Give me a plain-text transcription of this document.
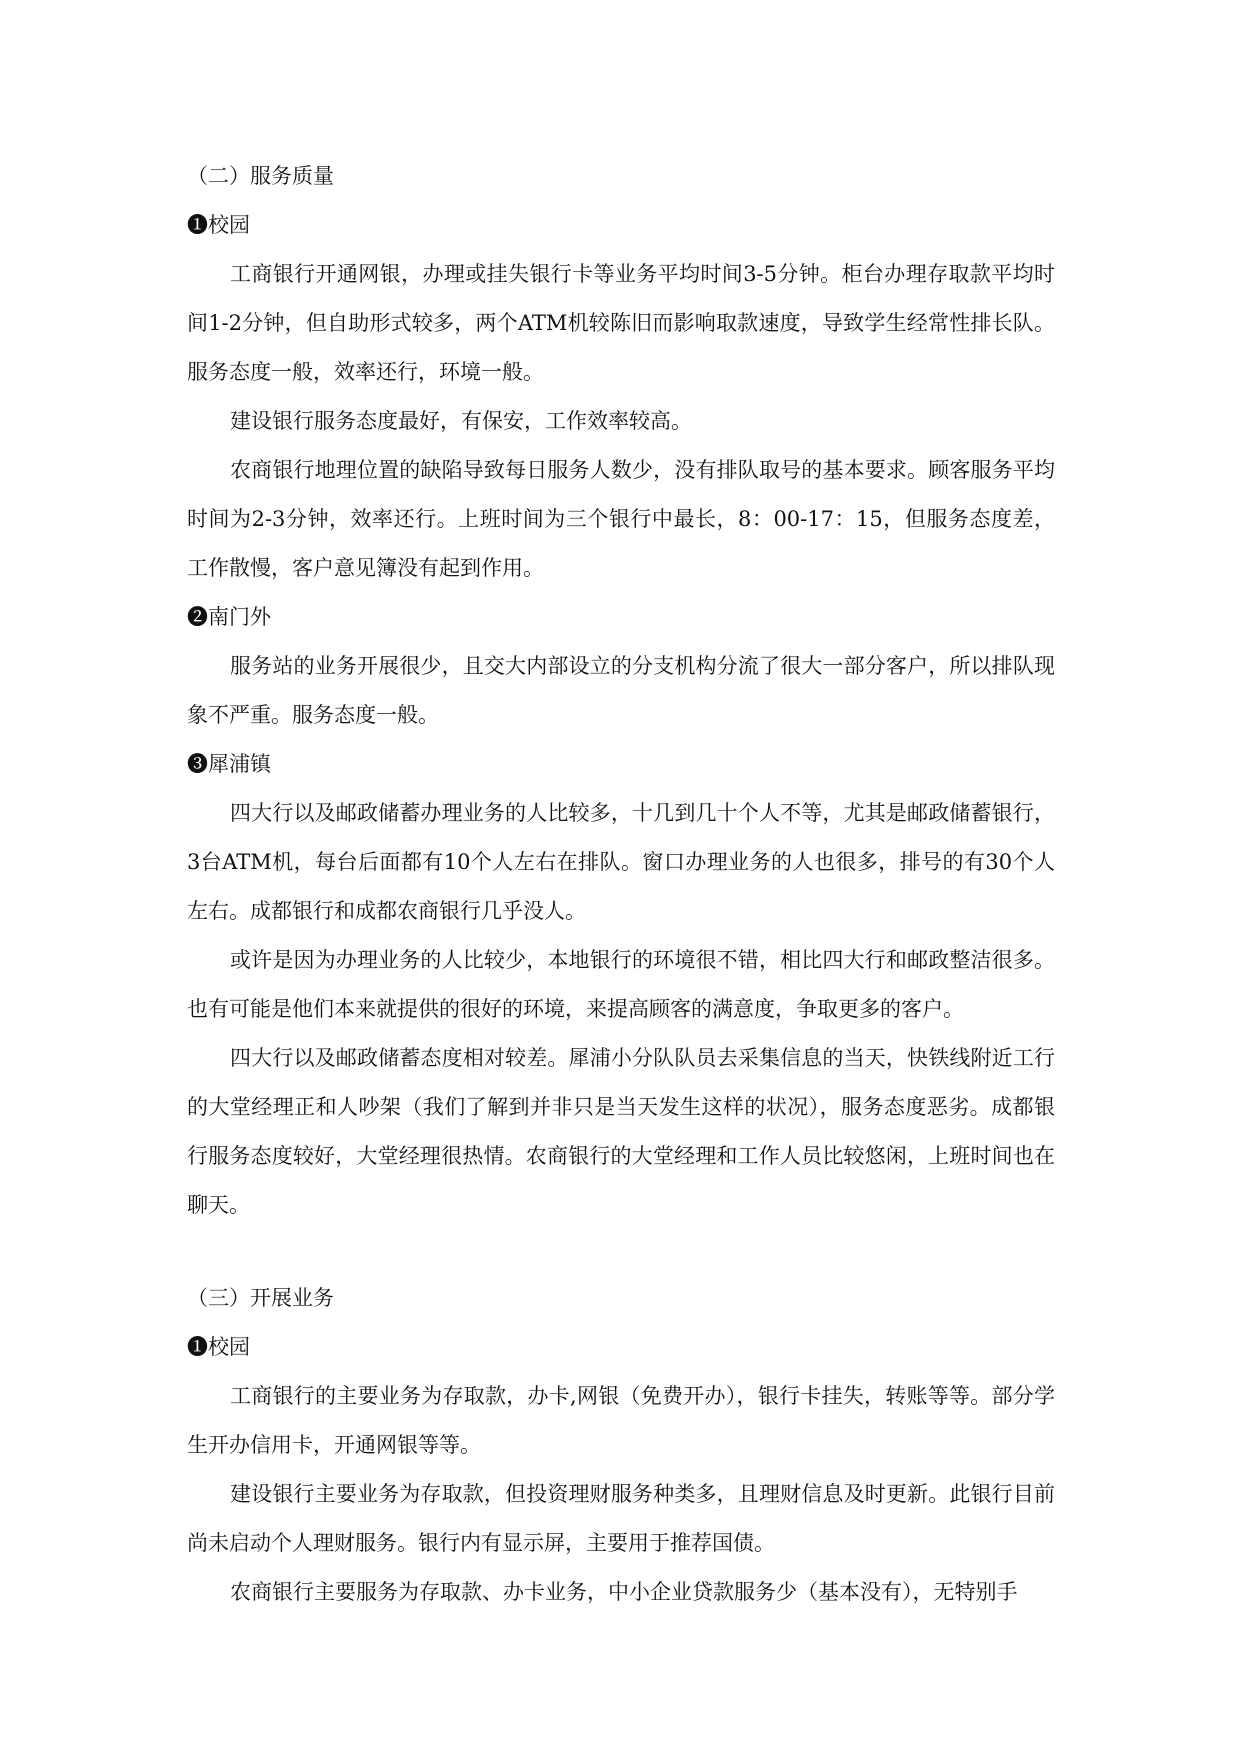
（二）服务质量

❶校园

工商银行开通网银，办理或挂失银行卡等业务平均时间3-5分钟。柜台办理存取款平均时间1-2分钟，但自助形式较多，两个ATM机较陈旧而影响取款速度，导致学生经常性排长队。服务态度一般，效率还行，环境一般。

建设银行服务态度最好，有保安，工作效率较高。

农商银行地理位置的缺陷导致每日服务人数少，没有排队取号的基本要求。顾客服务平均时间为2-3分钟，效率还行。上班时间为三个银行中最长，8：00-17：15，但服务态度差，工作散慢，客户意见簿没有起到作用。

❷南门外

服务站的业务开展很少，且交大内部设立的分支机构分流了很大一部分客户，所以排队现象不严重。服务态度一般。

❸犀浦镇

四大行以及邮政储蓄办理业务的人比较多，十几到几十个人不等，尤其是邮政储蓄银行，3台ATM机，每台后面都有10个人左右在排队。窗口办理业务的人也很多，排号的有30个人左右。成都银行和成都农商银行几乎没人。

或许是因为办理业务的人比较少，本地银行的环境很不错，相比四大行和邮政整洁很多。也有可能是他们本来就提供的很好的环境，来提高顾客的满意度，争取更多的客户。

四大行以及邮政储蓄态度相对较差。犀浦小分队队员去采集信息的当天，快铁线附近工行的大堂经理正和人吵架（我们了解到并非只是当天发生这样的状况），服务态度恶劣。成都银行服务态度较好，大堂经理很热情。农商银行的大堂经理和工作人员比较悠闲，上班时间也在聊天。

（三）开展业务

❶校园

工商银行的主要业务为存取款，办卡,网银（免费开办），银行卡挂失，转账等等。部分学生开办信用卡，开通网银等等。

建设银行主要业务为存取款，但投资理财服务种类多，且理财信息及时更新。此银行目前尚未启动个人理财服务。银行内有显示屏，主要用于推荐国债。

农商银行主要服务为存取款、办卡业务，中小企业贷款服务少（基本没有），无特别手
